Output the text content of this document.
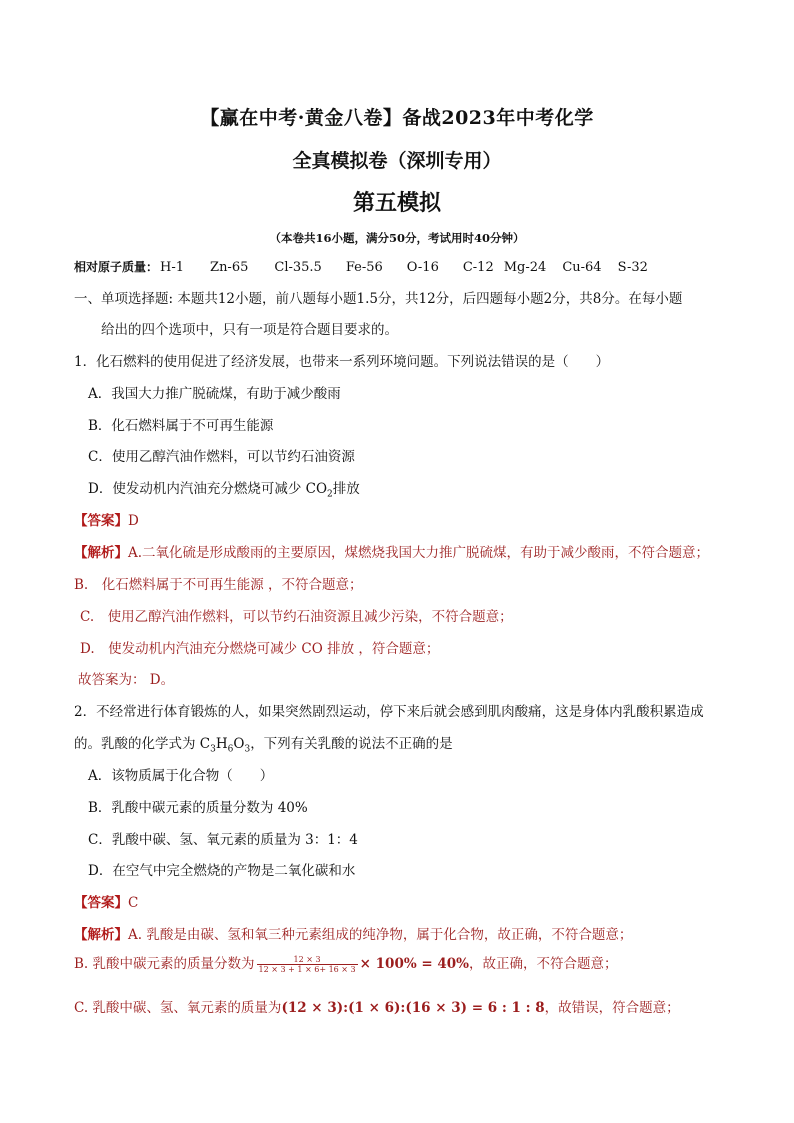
【赢在中考·黄金八卷】备战2023年中考化学
全真模拟卷（深圳专用）
第五模拟
（本卷共16小题，满分50分，考试用时40分钟）
相对原子质量： H-1 Zn-65 Cl-35.5 Fe-56 O-16 C-12 Mg-24 Cu-64 S-32
一、单项选择题: 本题共12小题，前八题每小题1.5分，共12分，后四题每小题2分，共8分。在每小题
给出的四个选项中，只有一项是符合题目要求的。
1．化石燃料的使用促进了经济发展，也带来一系列环境问题。下列说法错误的是（　　）
A．我国大力推广脱硫煤，有助于减少酸雨
B．化石燃料属于不可再生能源
C．使用乙醇汽油作燃料，可以节约石油资源
D．使发动机内汽油充分燃烧可减少 $CO_2$排放
【答案】D
【解析】A.二氧化硫是形成酸雨的主要原因，煤燃烧我国大力推广脱硫煤，有助于减少酸雨，不符合题意；
B.　化石燃料属于不可再生能源 ，不符合题意；
C.　使用乙醇汽油作燃料，可以节约石油资源且减少污染，不符合题意；
D.　使发动机内汽油充分燃烧可减少 CO 排放 ，符合题意；
故答案为： D。
2．不经常进行体育锻炼的人，如果突然剧烈运动，停下来后就会感到肌肉酸痛，这是身体内乳酸积累造成
的。乳酸的化学式为 $C_3H_6O_3$，下列有关乳酸的说法不正确的是
A．该物质属于化合物（　　）
B．乳酸中碳元素的质量分数为 40%
C．乳酸中碳、氢、氧元素的质量为 3：1：4
D．在空气中完全燃烧的产物是二氧化碳和水
【答案】C
【解析】A. 乳酸是由碳、氢和氧三种元素组成的纯净物，属于化合物，故正确，不符合题意；
B. 乳酸中碳元素的质量分数为 $\frac{12 \times 3}{12 \times 3 + 1 \times 6+ 16 \times 3} \times 100\% = 40\%$，故正确，不符合题意；
C. 乳酸中碳、氢、氧元素的质量为(12 × 3):(1 × 6):(16 × 3) = 6 : 1 : 8，故错误，符合题意；
